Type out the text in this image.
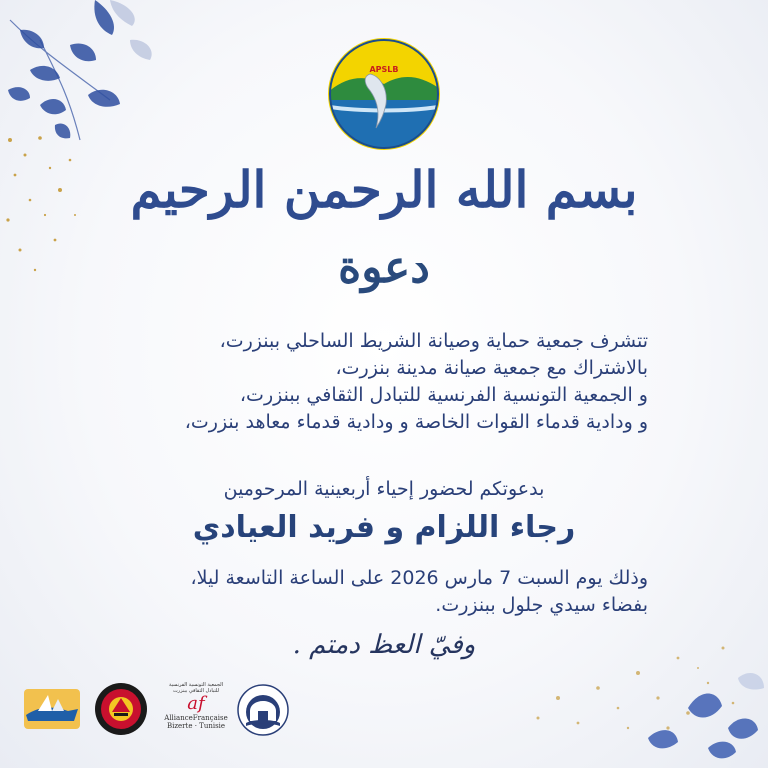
APSLB
بسم الله الرحمن الرحيم
دعوة
تتشرف جمعية حماية وصيانة الشريط الساحلي ببنزرت،
بالاشتراك مع جمعية صيانة مدينة بنزرت،
و الجمعية التونسية الفرنسية للتبادل الثقافي ببنزرت،
و ودادية قدماء القوات الخاصة و ودادية قدماء معاهد بنزرت،
بدعوتكم لحضور إحياء أربعينية المرحومين
رجاء اللزام و فريد العيادي
وذلك يوم السبت 7 مارس 2026 على الساعة التاسعة ليلا،
بفضاء سيدي جلول ببنزرت.
وفيّ العظ دمتم .
الجمعية التونسية الفرنسية
للتبادل الثقافي ببنزرت
af
AllianceFrançaise
Bizerte · Tunisie
